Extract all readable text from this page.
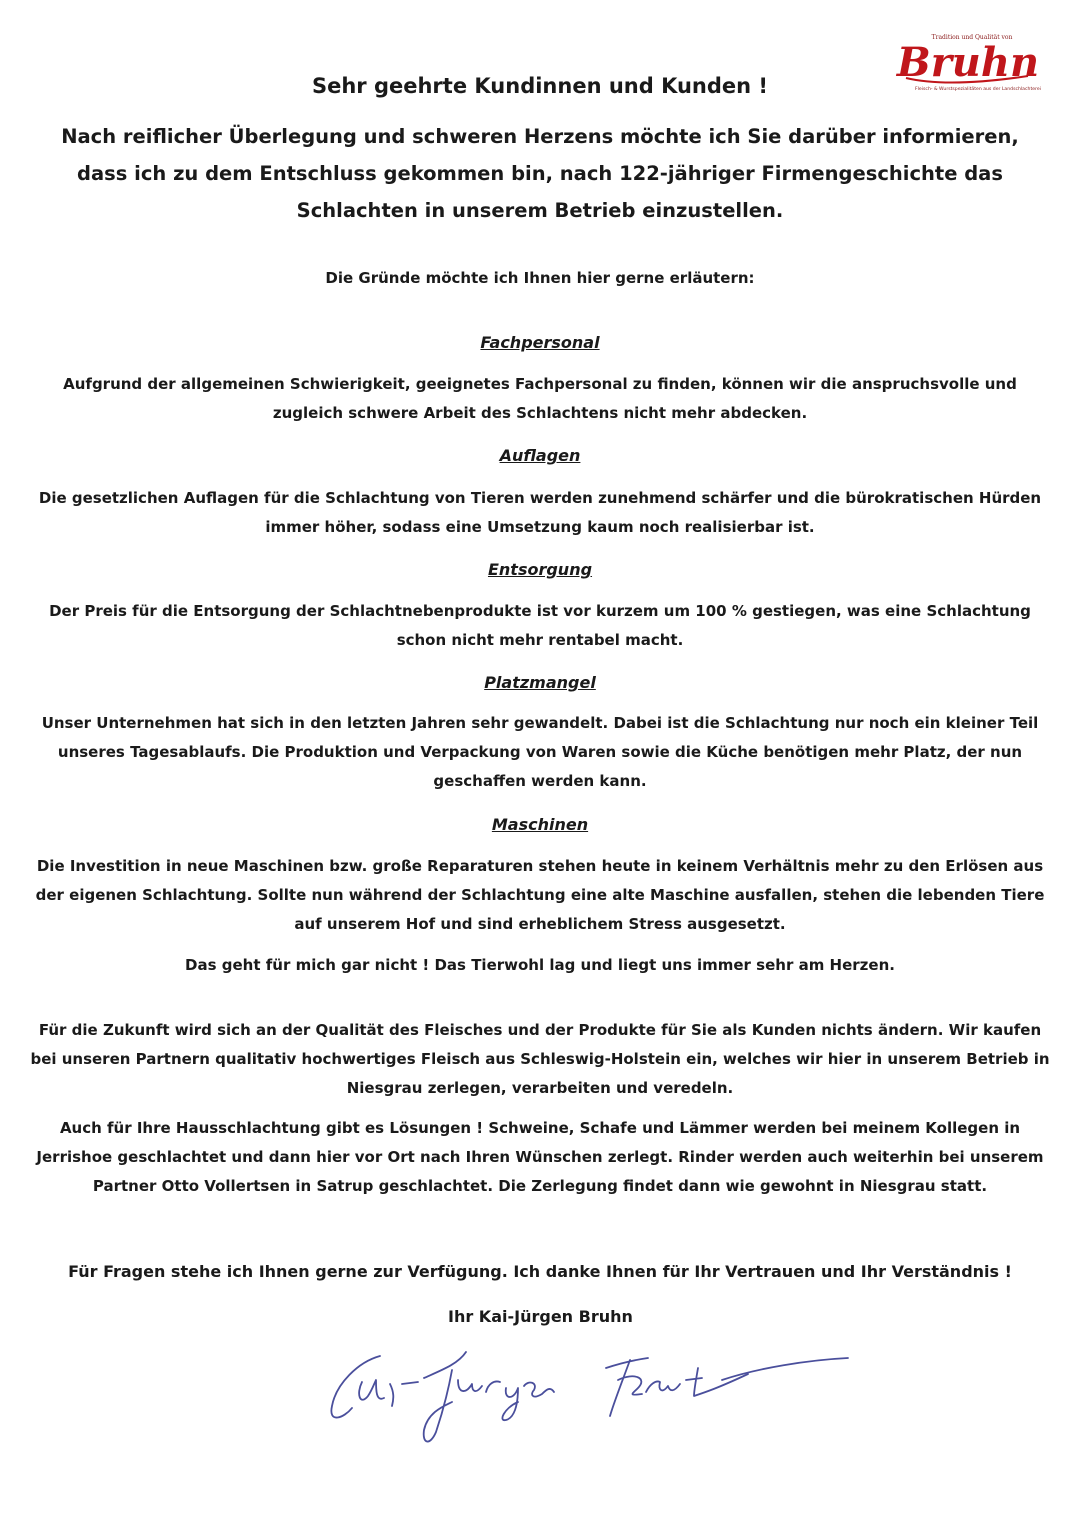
Tradition und Qualität von
Bruhn
Fleisch- & Wurstspezialitäten aus der Landschlachterei
Sehr geehrte Kundinnen und Kunden !
Nach reiflicher Überlegung und schweren Herzens möchte ich Sie darüber informieren, dass ich zu dem Entschluss gekommen bin, nach 122-jähriger Firmengeschichte das Schlachten in unserem Betrieb einzustellen.
Die Gründe möchte ich Ihnen hier gerne erläutern:
Fachpersonal
Aufgrund der allgemeinen Schwierigkeit, geeignetes Fachpersonal zu finden, können wir die anspruchsvolle und zugleich schwere Arbeit des Schlachtens nicht mehr abdecken.
Auflagen
Die gesetzlichen Auflagen für die Schlachtung von Tieren werden zunehmend schärfer und die bürokratischen Hürden immer höher, sodass eine Umsetzung kaum noch realisierbar ist.
Entsorgung
Der Preis für die Entsorgung der Schlachtnebenprodukte ist vor kurzem um 100 % gestiegen, was eine Schlachtung schon nicht mehr rentabel macht.
Platzmangel
Unser Unternehmen hat sich in den letzten Jahren sehr gewandelt. Dabei ist die Schlachtung nur noch ein kleiner Teil unseres Tagesablaufs. Die Produktion und Verpackung von Waren sowie die Küche benötigen mehr Platz, der nun geschaffen werden kann.
Maschinen
Die Investition in neue Maschinen bzw. große Reparaturen stehen heute in keinem Verhältnis mehr zu den Erlösen aus der eigenen Schlachtung. Sollte nun während der Schlachtung eine alte Maschine ausfallen, stehen die lebenden Tiere auf unserem Hof und sind erheblichem Stress ausgesetzt.
Das geht für mich gar nicht ! Das Tierwohl lag und liegt uns immer sehr am Herzen.
Für die Zukunft wird sich an der Qualität des Fleisches und der Produkte für Sie als Kunden nichts ändern. Wir kaufen bei unseren Partnern qualitativ hochwertiges Fleisch aus Schleswig-Holstein ein, welches wir hier in unserem Betrieb in Niesgrau zerlegen, verarbeiten und veredeln.
Auch für Ihre Hausschlachtung gibt es Lösungen ! Schweine, Schafe und Lämmer werden bei meinem Kollegen in Jerrishoe geschlachtet und dann hier vor Ort nach Ihren Wünschen zerlegt. Rinder werden auch weiterhin bei unserem Partner Otto Vollertsen in Satrup geschlachtet. Die Zerlegung findet dann wie gewohnt in Niesgrau statt.
Für Fragen stehe ich Ihnen gerne zur Verfügung. Ich danke Ihnen für Ihr Vertrauen und Ihr Verständnis !
Ihr Kai-Jürgen Bruhn
